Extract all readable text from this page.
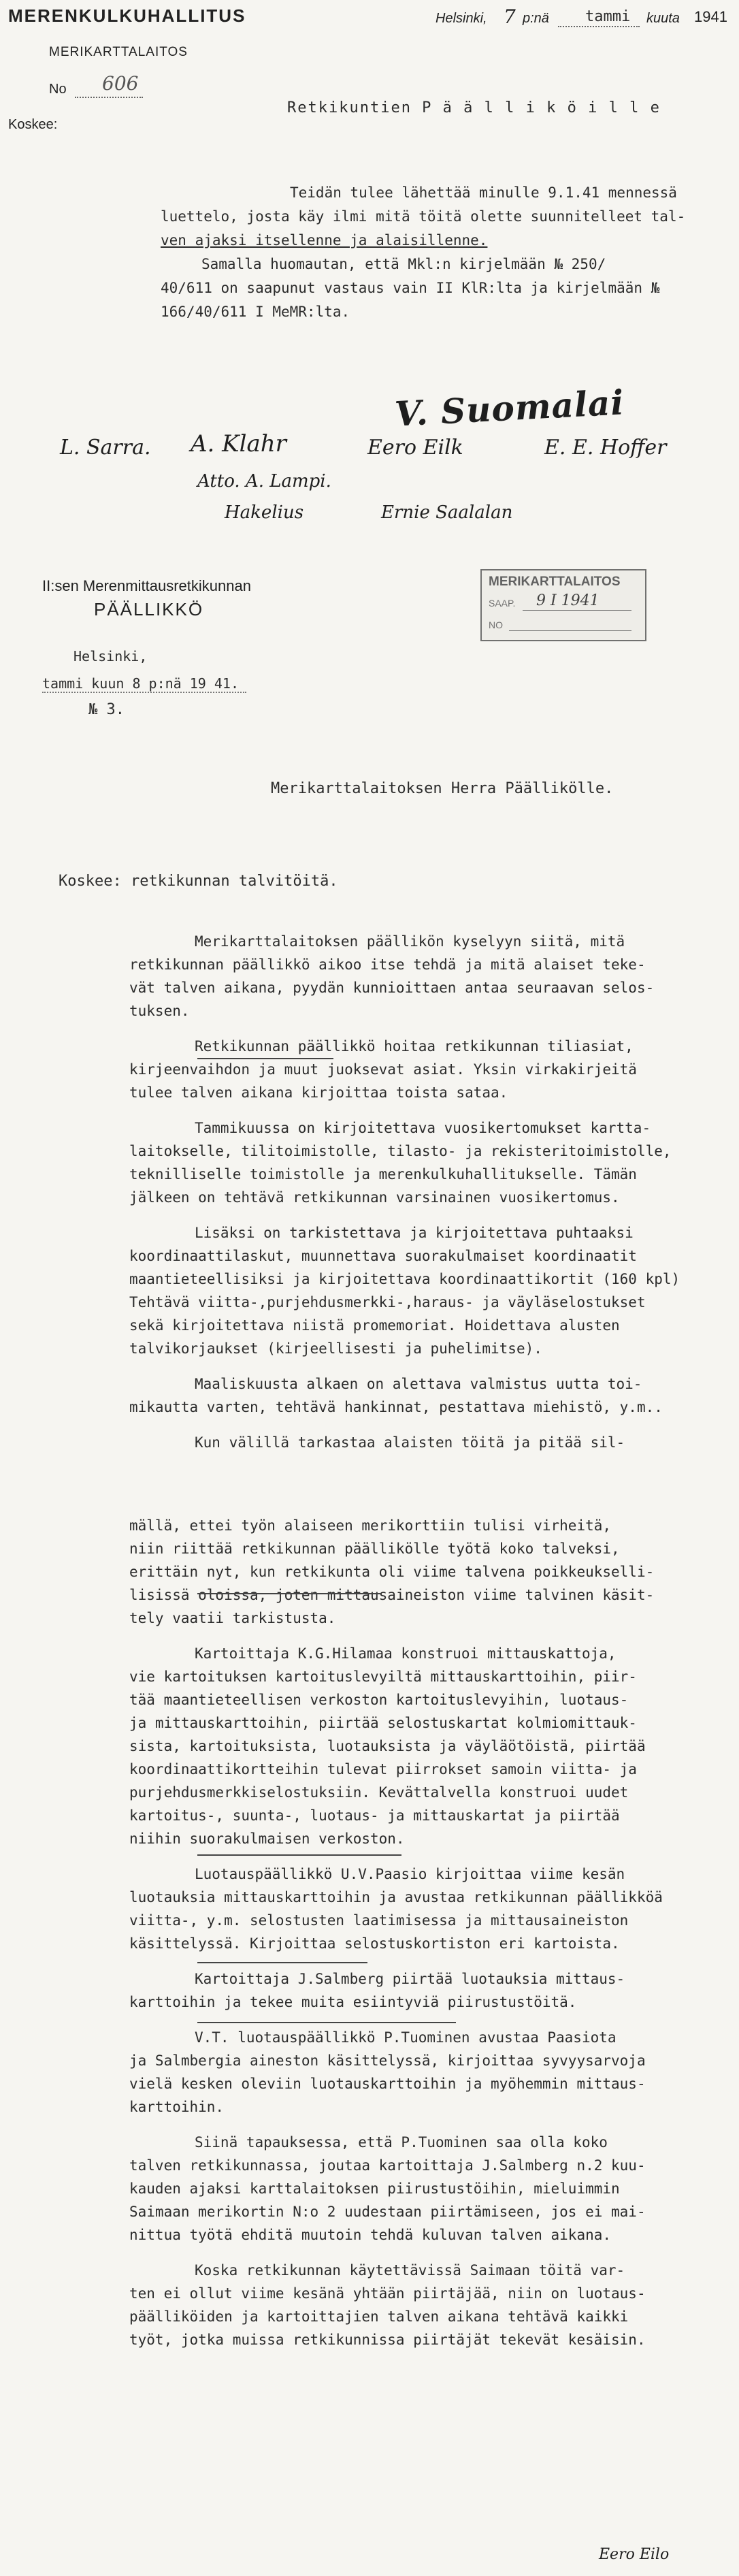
MERENKULKUHALLITUS
MERIKARTTALAITOS
No 606
Koskee:
Helsinki, 7 p:nä tammi kuuta 1941
Retkikuntien P ä ä l l i k ö i l l e

Teidän tulee lähettää minulle 9.1.41 mennessä

luettelo, josta käy ilmi mitä töitä olette suunnitelleet tal-

ven ajaksi itsellenne ja alaisillenne.

Samalla huomautan, että Mkl:n kirjelmään № 250/

40/611 on saapunut vastaus vain II KlR:lta ja kirjelmään №

166/40/611 I MeMR:lta.

V. Suomalai
L. Sarra. A. Klahr	Eero Eilk	E. E. Hoffer
Atto. A. Lampi.
Hakelius	Ernie Saalalan
II:sen Merenmittausretkikunnan
PÄÄLLIKKÖ
Helsinki,
tammi kuun 8 p:nä 19 41.
№ 3.
MERIKARTTALAITOS
SAAP. 9 I 1941
NO
Merikarttalaitoksen Herra Päällikölle.
Koskee: retkikunnan talvitöitä.

Merikarttalaitoksen päällikön kyselyyn siitä, mitä

retkikunnan päällikkö aikoo itse tehdä ja mitä alaiset teke-

vät talven aikana, pyydän kunnioittaen antaa seuraavan selos-

tuksen.

Retkikunnan päällikkö hoitaa retkikunnan tiliasiat,

kirjeenvaihdon ja muut juoksevat asiat. Yksin virkakirjeitä

tulee talven aikana kirjoittaa toista sataa.

Tammikuussa on kirjoitettava vuosikertomukset kartta-

laitokselle, tilitoimistolle, tilasto- ja rekisteritoimistolle,

teknilliselle toimistolle ja merenkulkuhallitukselle. Tämän

jälkeen on tehtävä retkikunnan varsinainen vuosikertomus.

Lisäksi on tarkistettava ja kirjoitettava puhtaaksi

koordinaattilaskut, muunnettava suorakulmaiset koordinaatit

maantieteellisiksi ja kirjoitettava koordinaattikortit (160 kpl)

Tehtävä viitta-,purjehdusmerkki-,haraus- ja väyläselostukset

sekä kirjoitettava niistä promemoriat. Hoidettava alusten

talvikorjaukset (kirjeellisesti ja puhelimitse).

Maaliskuusta alkaen on alettava valmistus uutta toi-

mikautta varten, tehtävä hankinnat, pestattava miehistö, y.m..

Kun välillä tarkastaa alaisten töitä ja pitää sil-

mällä, ettei työn alaiseen merikorttiin tulisi virheitä,

niin riittää retkikunnan päällikölle työtä koko talveksi,

erittäin nyt, kun retkikunta oli viime talvena poikkeukselli-

lisissä oloissa, joten mittausaineiston viime talvinen käsit-

tely vaatii tarkistusta.

Kartoittaja K.G.Hilamaa konstruoi mittauskattoja,

vie kartoituksen kartoituslevyiltä mittauskarttoihin, piir-

tää maantieteellisen verkoston kartoituslevyihin, luotaus-

ja mittauskarttoihin, piirtää selostuskartat kolmiomittauk-

sista, kartoituksista, luotauksista ja väyläötöistä, piirtää

koordinaattikortteihin tulevat piirrokset samoin viitta- ja

purjehdusmerkkiselostuksiin. Kevättalvella konstruoi uudet

kartoitus-, suunta-, luotaus- ja mittauskartat ja piirtää

niihin suorakulmaisen verkoston.

Luotauspäällikkö U.V.Paasio kirjoittaa viime kesän

luotauksia mittauskarttoihin ja avustaa retkikunnan päällikköä

viitta-, y.m. selostusten laatimisessa ja mittausaineiston

käsittelyssä. Kirjoittaa selostuskortiston eri kartoista.

Kartoittaja J.Salmberg piirtää luotauksia mittaus-

karttoihin ja tekee muita esiintyviä piirustustöitä.

V.T. luotauspäällikkö P.Tuominen avustaa Paasiota

ja Salmbergia aineston käsittelyssä, kirjoittaa syvyysarvoja

vielä kesken oleviin luotauskarttoihin ja myöhemmin mittaus-

karttoihin.

Siinä tapauksessa, että P.Tuominen saa olla koko

talven retkikunnassa, joutaa kartoittaja J.Salmberg n.2 kuu-

kauden ajaksi karttalaitoksen piirustustöihin, mieluimmin

Saimaan merikortin N:o 2 uudestaan piirtämiseen, jos ei mai-

nittua työtä ehditä muutoin tehdä kuluvan talven aikana.

Koska retkikunnan käytettävissä Saimaan töitä var-

ten ei ollut viime kesänä yhtään piirtäjää, niin on luotaus-

päälliköiden ja kartoittajien talven aikana tehtävä kaikki

työt, jotka muissa retkikunnissa piirtäjät tekevät kesäisin.

Eero Eilo
